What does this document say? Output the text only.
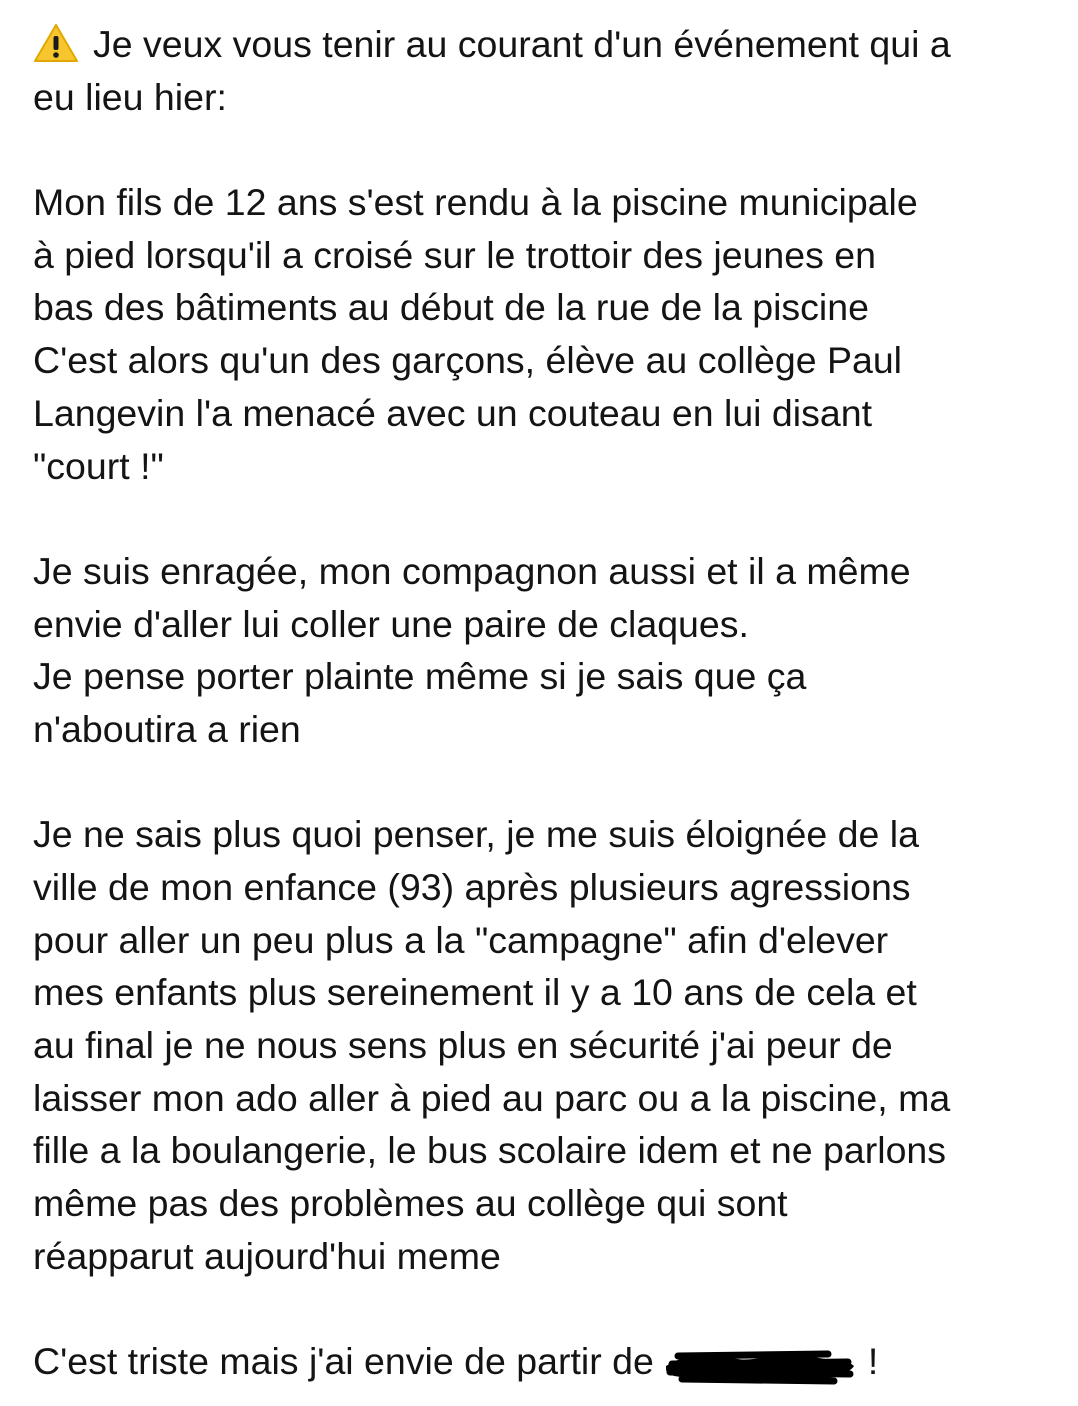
Je veux vous tenir au courant d'un événement qui a
eu lieu hier:
Mon fils de 12 ans s'est rendu à la piscine municipale
à pied lorsqu'il a croisé sur le trottoir des jeunes en
bas des bâtiments au début de la rue de la piscine
C'est alors qu'un des garçons, élève au collège Paul
Langevin l'a menacé avec un couteau en lui disant
"court !"
Je suis enragée, mon compagnon aussi et il a même
envie d'aller lui coller une paire de claques.
Je pense porter plainte même si je sais que ça
n'aboutira a rien
Je ne sais plus quoi penser, je me suis éloignée de la
ville de mon enfance (93) après plusieurs agressions
pour aller un peu plus a la "campagne" afin d'elever
mes enfants plus sereinement il y a 10 ans de cela et
au final je ne nous sens plus en sécurité j'ai peur de
laisser mon ado aller à pied au parc ou a la piscine, ma
fille a la boulangerie, le bus scolaire idem et ne parlons
même pas des problèmes au collège qui sont
réapparut aujourd'hui meme
C'est triste mais j'ai envie de partir de	!
